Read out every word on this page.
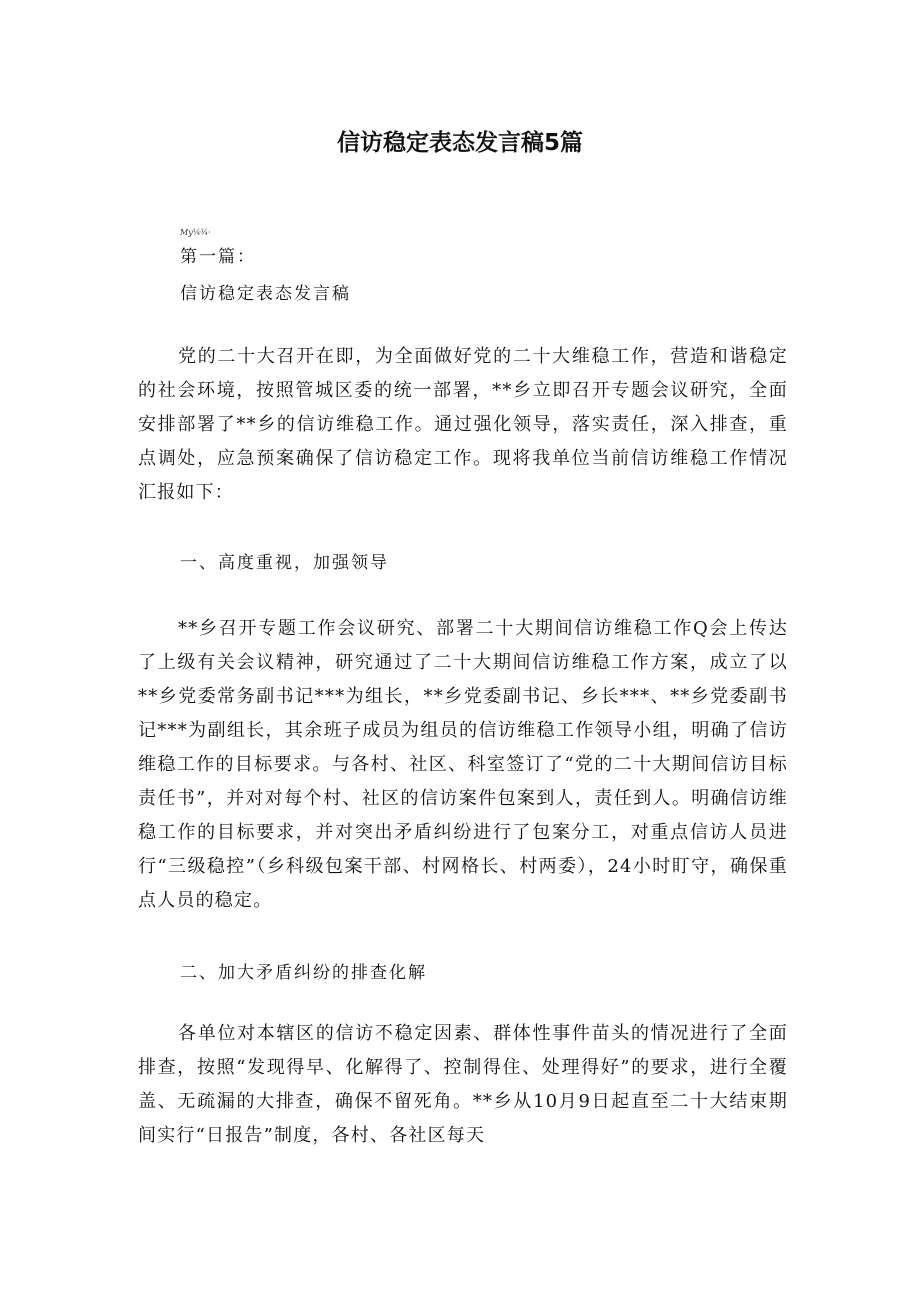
信访稳定表态发言稿5篇
My¼¾·
第一篇：
信访稳定表态发言稿

党的二十大召开在即，为全面做好党的二十大维稳工作，营造和谐稳定的社会环境，按照管城区委的统一部署，**乡立即召开专题会议研究，全面安排部署了**乡的信访维稳工作。通过强化领导，落实责任，深入排查，重点调处，应急预案确保了信访稳定工作。现将我单位当前信访维稳工作情况汇报如下：

一、高度重视，加强领导

**乡召开专题工作会议研究、部署二十大期间信访维稳工作Q会上传达了上级有关会议精神，研究通过了二十大期间信访维稳工作方案，成立了以**乡党委常务副书记***为组长，**乡党委副书记、乡长***、**乡党委副书记***为副组长，其余班子成员为组员的信访维稳工作领导小组，明确了信访维稳工作的目标要求。与各村、社区、科室签订了“党的二十大期间信访目标责任书”，并对对每个村、社区的信访案件包案到人，责任到人。明确信访维稳工作的目标要求，并对突出矛盾纠纷进行了包案分工，对重点信访人员进行“三级稳控”（乡科级包案干部、村网格长、村两委），24小时盯守，确保重点人员的稳定。

二、加大矛盾纠纷的排查化解

各单位对本辖区的信访不稳定因素、群体性事件苗头的情况进行了全面排查，按照“发现得早、化解得了、控制得住、处理得好”的要求，进行全覆盖、无疏漏的大排查，确保不留死角。**乡从10月9日起直至二十大结束期间实行“日报告”制度，各村、各社区每天
